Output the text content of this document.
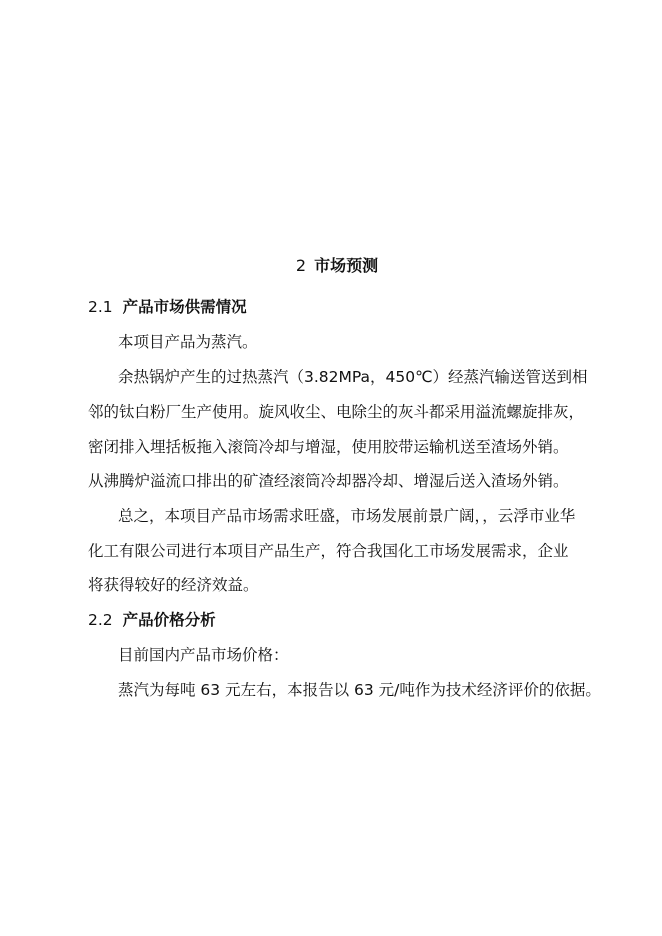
2 市场预测
2.1 产品市场供需情况
本项目产品为蒸汽。
余热锅炉产生的过热蒸汽（3.82MPa，450℃）经蒸汽输送管送到相
邻的钛白粉厂生产使用。旋风收尘、电除尘的灰斗都采用溢流螺旋排灰，
密闭排入埋括板拖入滚筒冷却与增湿，使用胶带运输机送至渣场外销。
从沸腾炉溢流口排出的矿渣经滚筒冷却器冷却、增湿后送入渣场外销。
总之，本项目产品市场需求旺盛，市场发展前景广阔，，云浮市业华
化工有限公司进行本项目产品生产，符合我国化工市场发展需求，企业
将获得较好的经济效益。
2.2 产品价格分析
目前国内产品市场价格：
蒸汽为每吨 63 元左右，本报告以 63 元/吨作为技术经济评价的依据。
